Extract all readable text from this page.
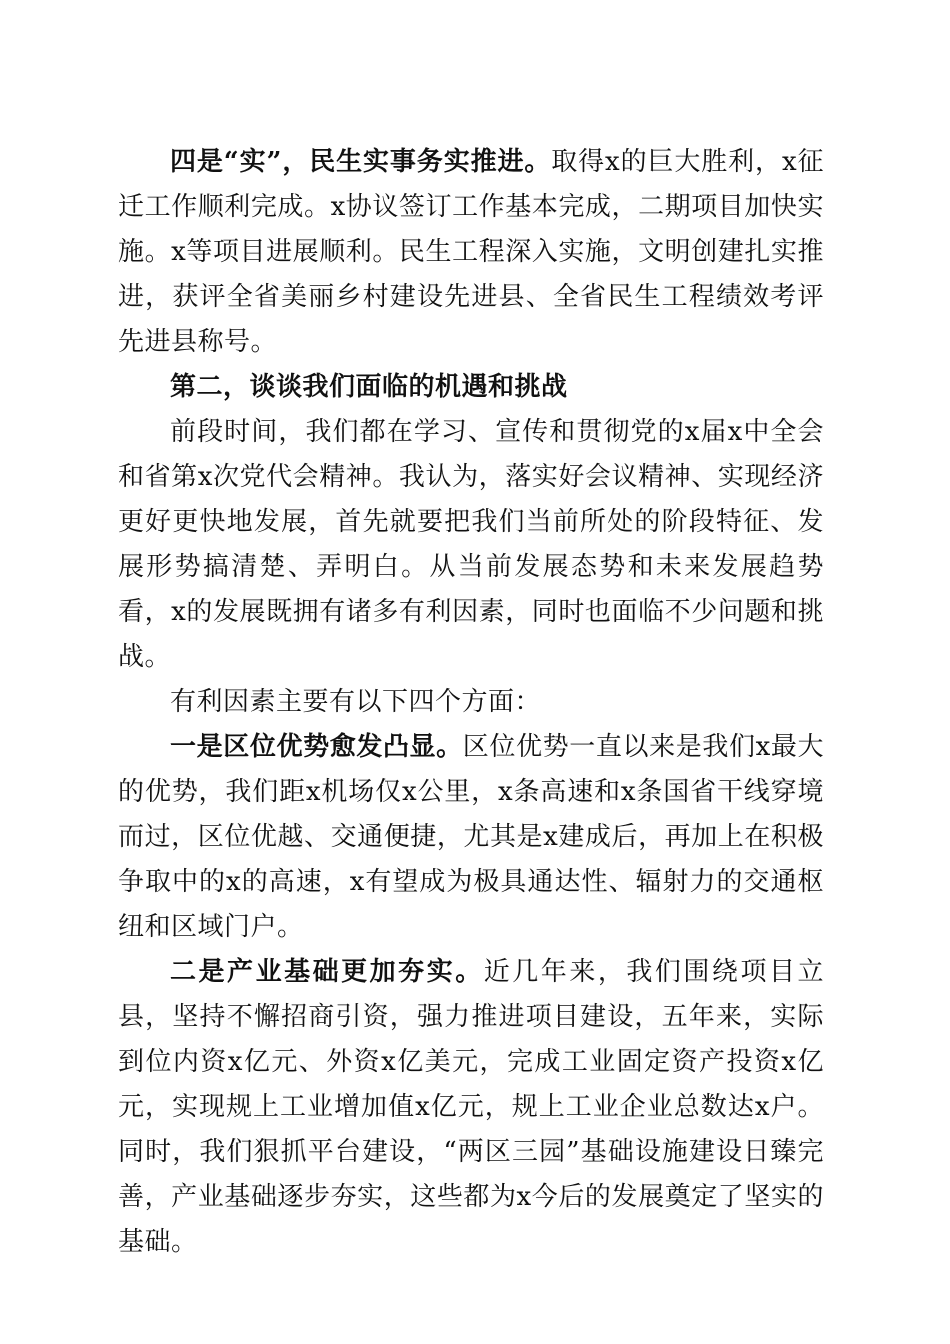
四是“实”，民生实事务实推进。取得x的巨大胜利，x征迁工作顺利完成。x协议签订工作基本完成，二期项目加快实施。x等项目进展顺利。民生工程深入实施，文明创建扎实推进，获评全省美丽乡村建设先进县、全省民生工程绩效考评先进县称号。

第二，谈谈我们面临的机遇和挑战

前段时间，我们都在学习、宣传和贯彻党的x届x中全会和省第x次党代会精神。我认为，落实好会议精神、实现经济更好更快地发展，首先就要把我们当前所处的阶段特征、发展形势搞清楚、弄明白。从当前发展态势和未来发展趋势看，x的发展既拥有诸多有利因素，同时也面临不少问题和挑战。

有利因素主要有以下四个方面：

一是区位优势愈发凸显。区位优势一直以来是我们x最大的优势，我们距x机场仅x公里，x条高速和x条国省干线穿境而过，区位优越、交通便捷，尤其是x建成后，再加上在积极争取中的x的高速，x有望成为极具通达性、辐射力的交通枢纽和区域门户。

二是产业基础更加夯实。近几年来，我们围绕项目立县，坚持不懈招商引资，强力推进项目建设，五年来，实际到位内资x亿元、外资x亿美元，完成工业固定资产投资x亿元，实现规上工业增加值x亿元，规上工业企业总数达x户。同时，我们狠抓平台建设，“两区三园”基础设施建设日臻完善，产业基础逐步夯实，这些都为x今后的发展奠定了坚实的基础。
